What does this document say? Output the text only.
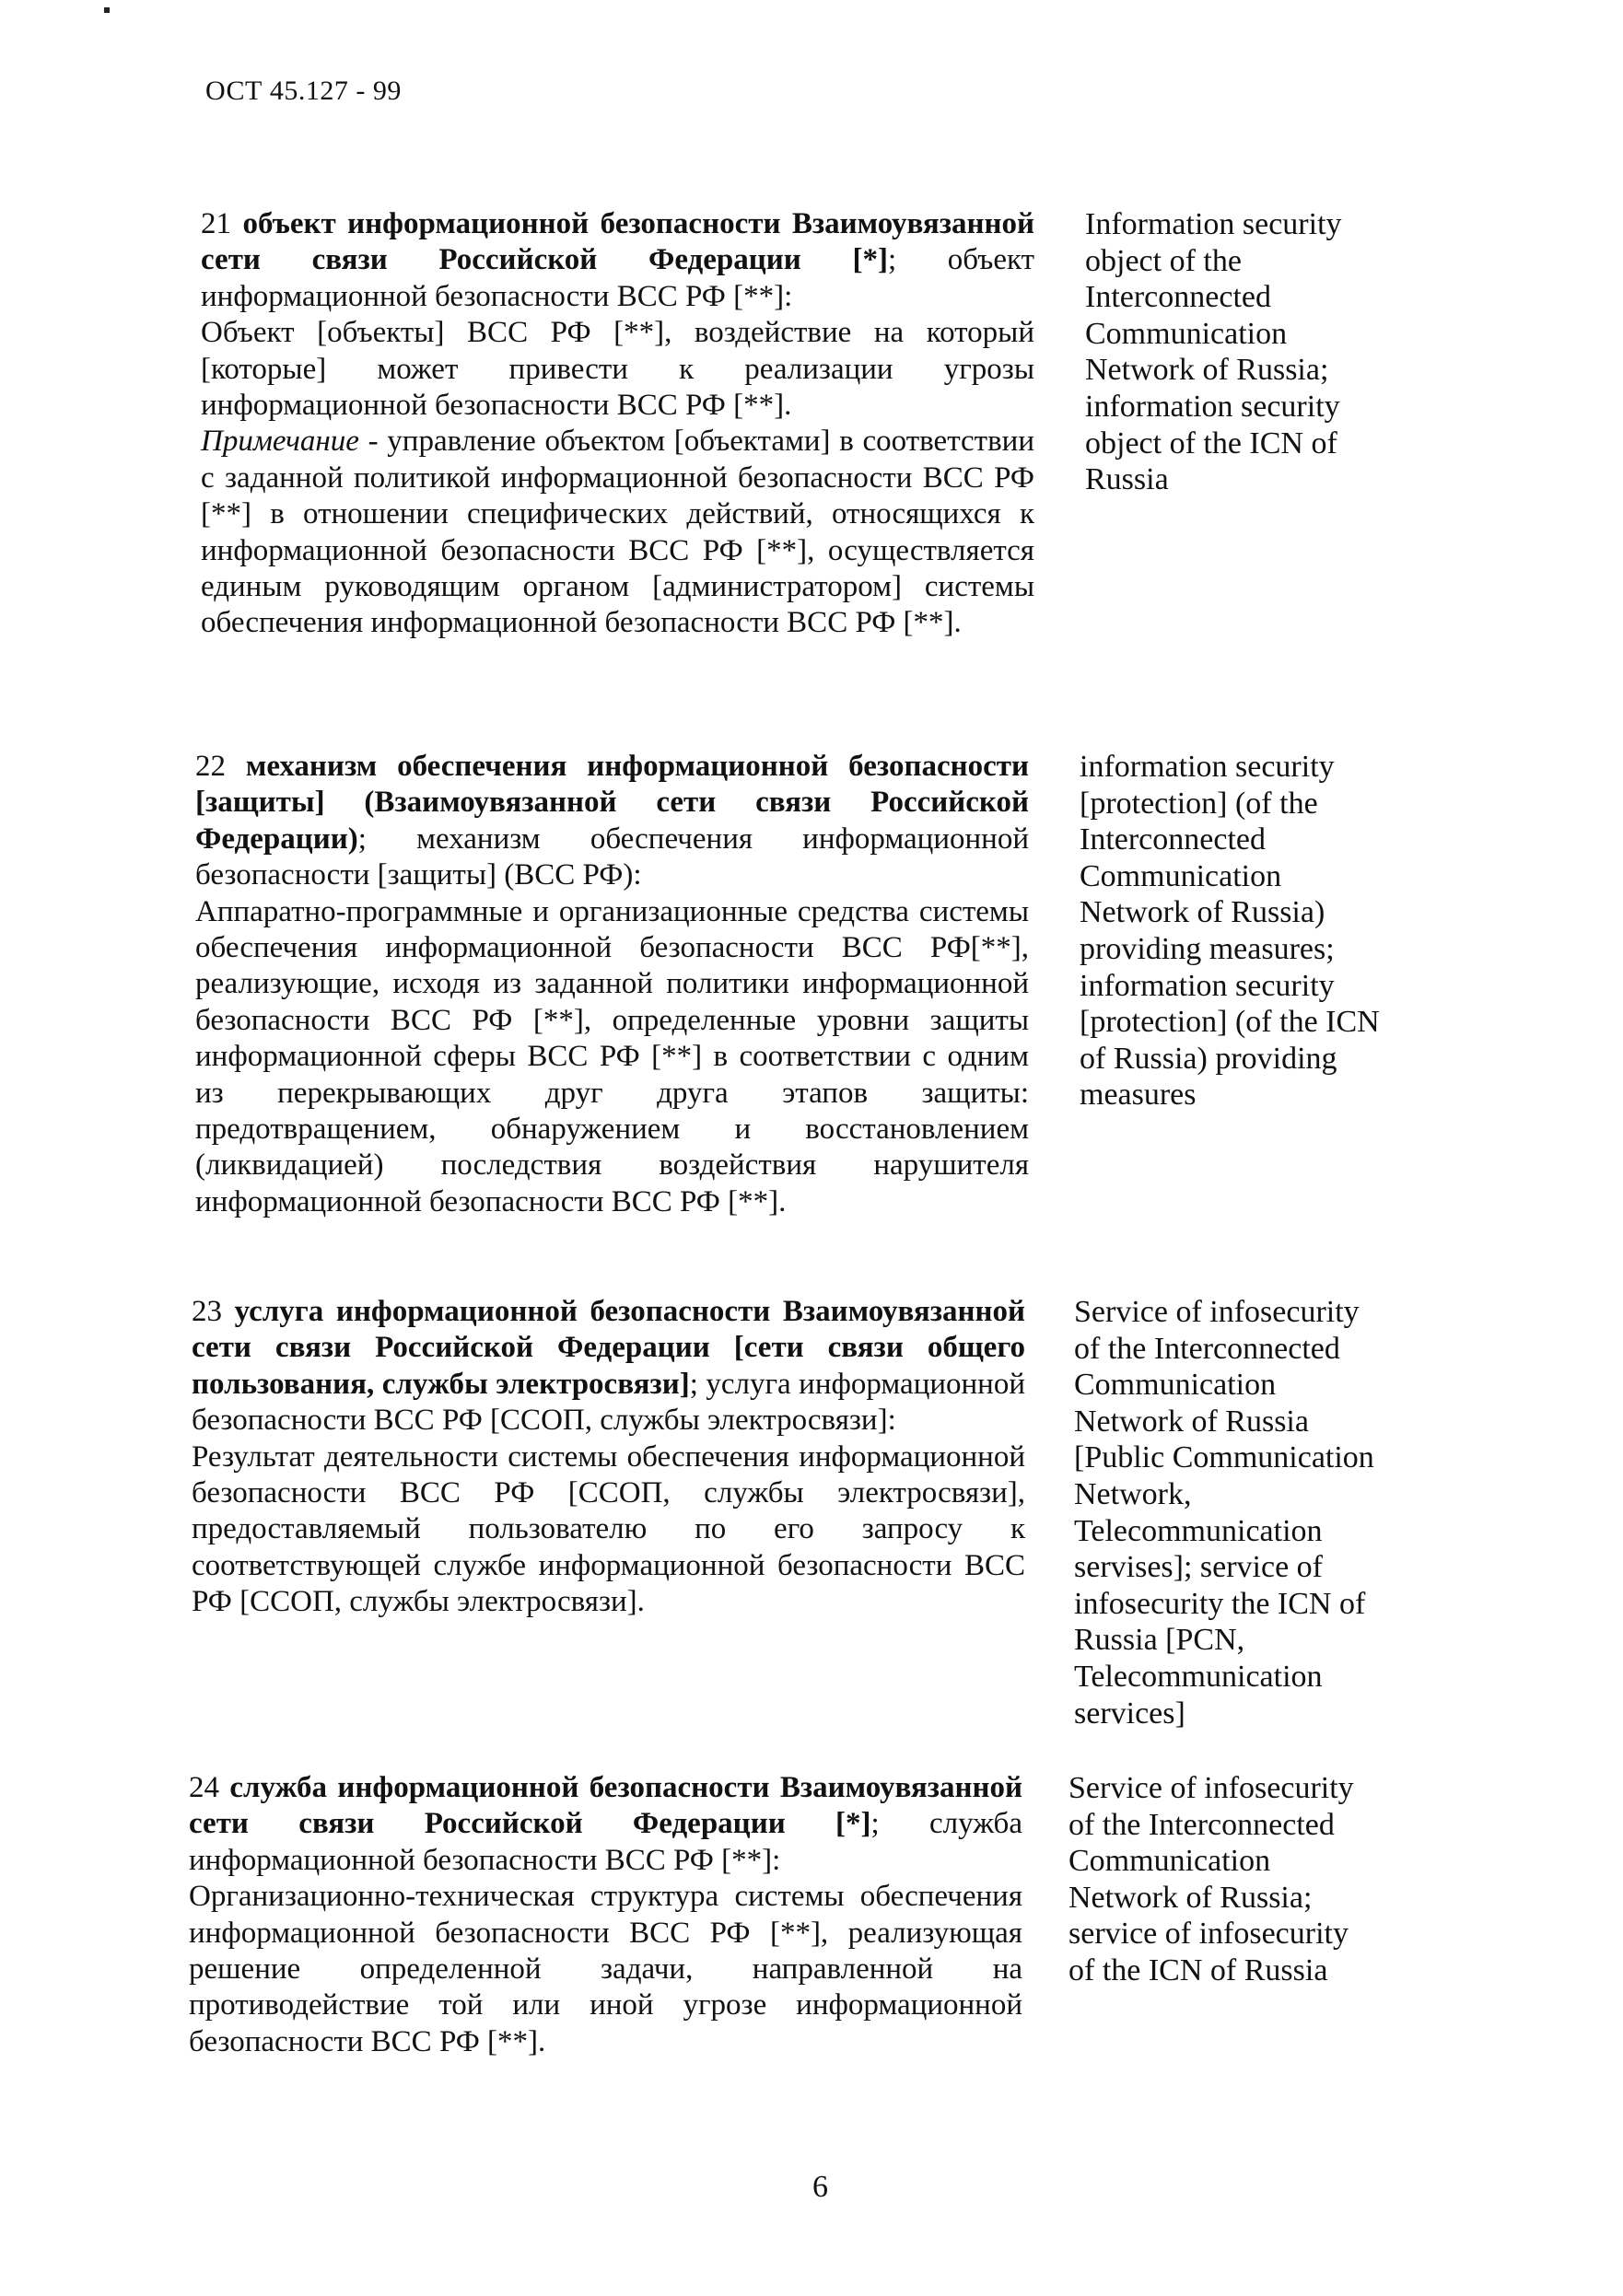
ОСТ 45.127 - 99

21 объект информационной безопасности Взаимоувязанной сети связи Российской Федерации [*]; объект информационной безопасности ВСС РФ [**]:

Объект [объекты] ВСС РФ [**], воздействие на который [которые] может привести к реализации угрозы информационной безопасности ВСС РФ [**].

Примечание - управление объектом [объектами] в соответствии с заданной политикой информационной безопасности ВСС РФ [**] в отношении специфических действий, относящихся к информационной безопасности ВСС РФ [**], осуществляется единым руководящим органом [администратором] системы обеспечения информационной безопасности ВСС РФ [**].

Information security
object of the
Interconnected
Communication
Network of Russia;
information security
object of the ICN of
Russia

22 механизм обеспечения информационной безопасности [защиты] (Взаимоувязанной сети связи Российской Федерации); механизм обеспечения информационной безопасности [защиты] (ВСС РФ):

Аппаратно-программные и организационные средства системы обеспечения информационной безопасности ВСС РФ[**], реализующие, исходя из заданной политики информационной безопасности ВСС РФ [**], определенные уровни защиты информационной сферы ВСС РФ [**] в соответствии с одним из перекрывающих друг друга этапов защиты: предотвращением, обнаружением и восстановлением (ликвидацией) последствия воздействия нарушителя информационной безопасности ВСС РФ [**].

information security
[protection] (of the
Interconnected
Communication
Network of Russia)
providing measures;
information security
[protection] (of the ICN
of Russia) providing
measures

23 услуга информационной безопасности Взаимоувязанной сети связи Российской Федерации [сети связи общего пользования, службы электросвязи]; услуга информационной безопасности ВСС РФ [ССОП, службы электросвязи]:

Результат деятельности системы обеспечения информационной безопасности ВСС РФ [ССОП, службы электросвязи], предоставляемый пользователю по его запросу к соответствующей службе информационной безопасности ВСС РФ [ССОП, службы электросвязи].

Service of infosecurity
of the Interconnected
Communication
Network of Russia
[Public Communication
Network,
Telecommunication
servises]; service of
infosecurity the ICN of
Russia [PCN,
Telecommunication
services]

24 служба информационной безопасности Взаимоувязанной сети связи Российской Федерации [*]; служба информационной безопасности ВСС РФ [**]:

Организационно-техническая структура системы обеспечения информационной безопасности ВСС РФ [**], реализующая решение определенной задачи, направленной на противодействие той или иной угрозе информационной безопасности ВСС РФ [**].

Service of infosecurity
of the Interconnected
Communication
Network of Russia;
service of infosecurity
of the ICN of Russia
6
